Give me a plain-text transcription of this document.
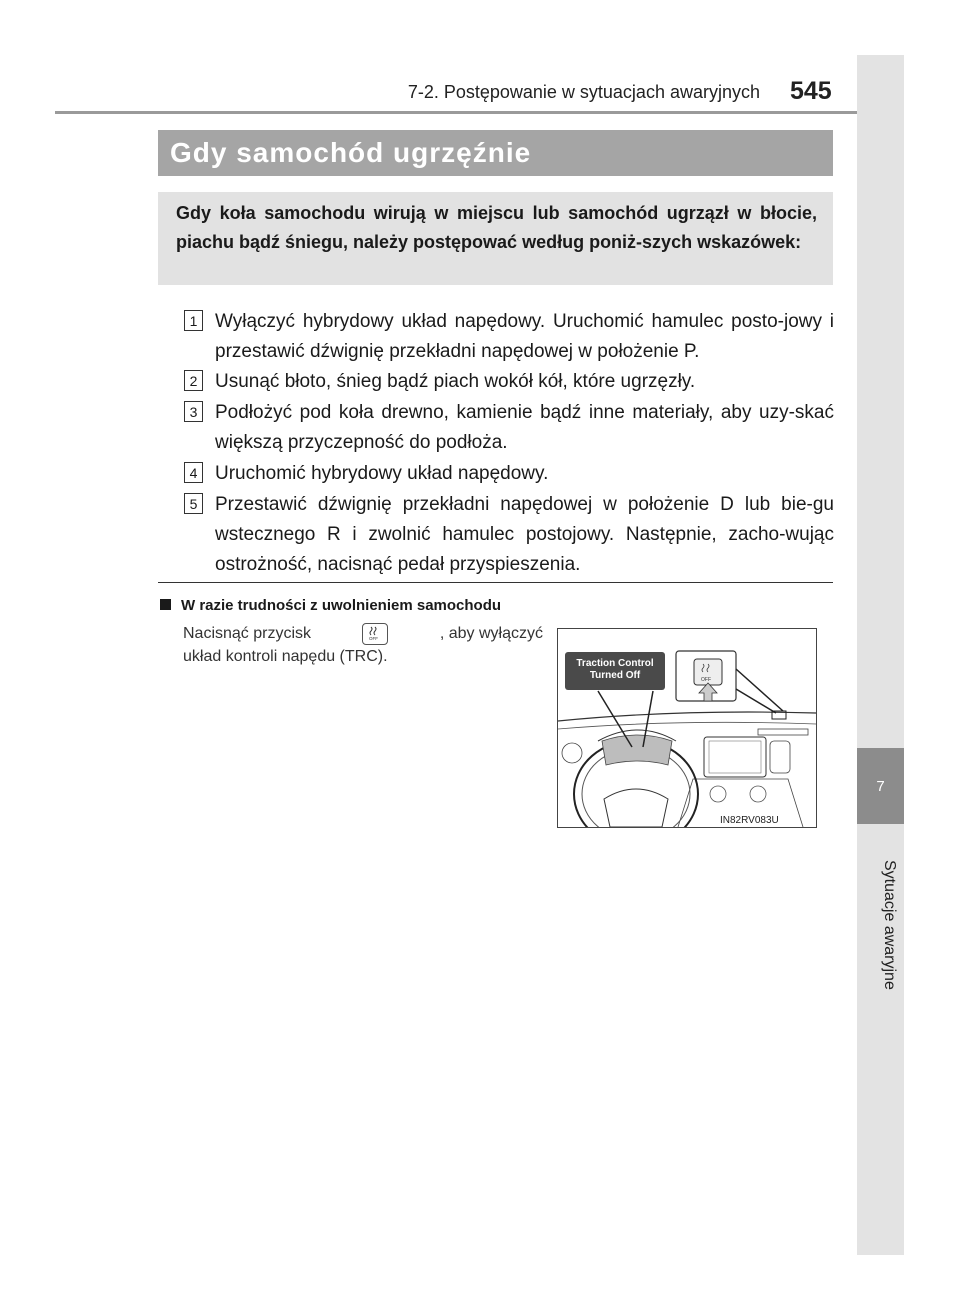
7-2. Postępowanie w sytuacjach awaryjnych 545
7
Sytuacje awaryjne
Gdy samochód ugrzęźnie
Gdy koła samochodu wirują w miejscu lub samochód ugrzązł w błocie, piachu bądź śniegu, należy postępować według poniż-szych wskazówek:
1 Wyłączyć hybrydowy układ napędowy. Uruchomić hamulec posto-jowy i przestawić dźwignię przekładni napędowej w położenie P.
2 Usunąć błoto, śnieg bądź piach wokół kół, które ugrzęzły.
3 Podłożyć pod koła drewno, kamienie bądź inne materiały, aby uzy-skać większą przyczepność do podłoża.
4 Uruchomić hybrydowy układ napędowy.
5 Przestawić dźwignię przekładni napędowej w położenie D lub bie-gu wstecznego R i zwolnić hamulec postojowy. Następnie, zacho-wując ostrożność, nacisnąć pedał przyspieszenia.
W razie trudności z uwolnieniem samochodu
Nacisnąć przycisk	OFF	, aby wyłączyć
układ kontroli napędu (TRC).
OFF
Traction Control
Turned Off
IN82RV083U
